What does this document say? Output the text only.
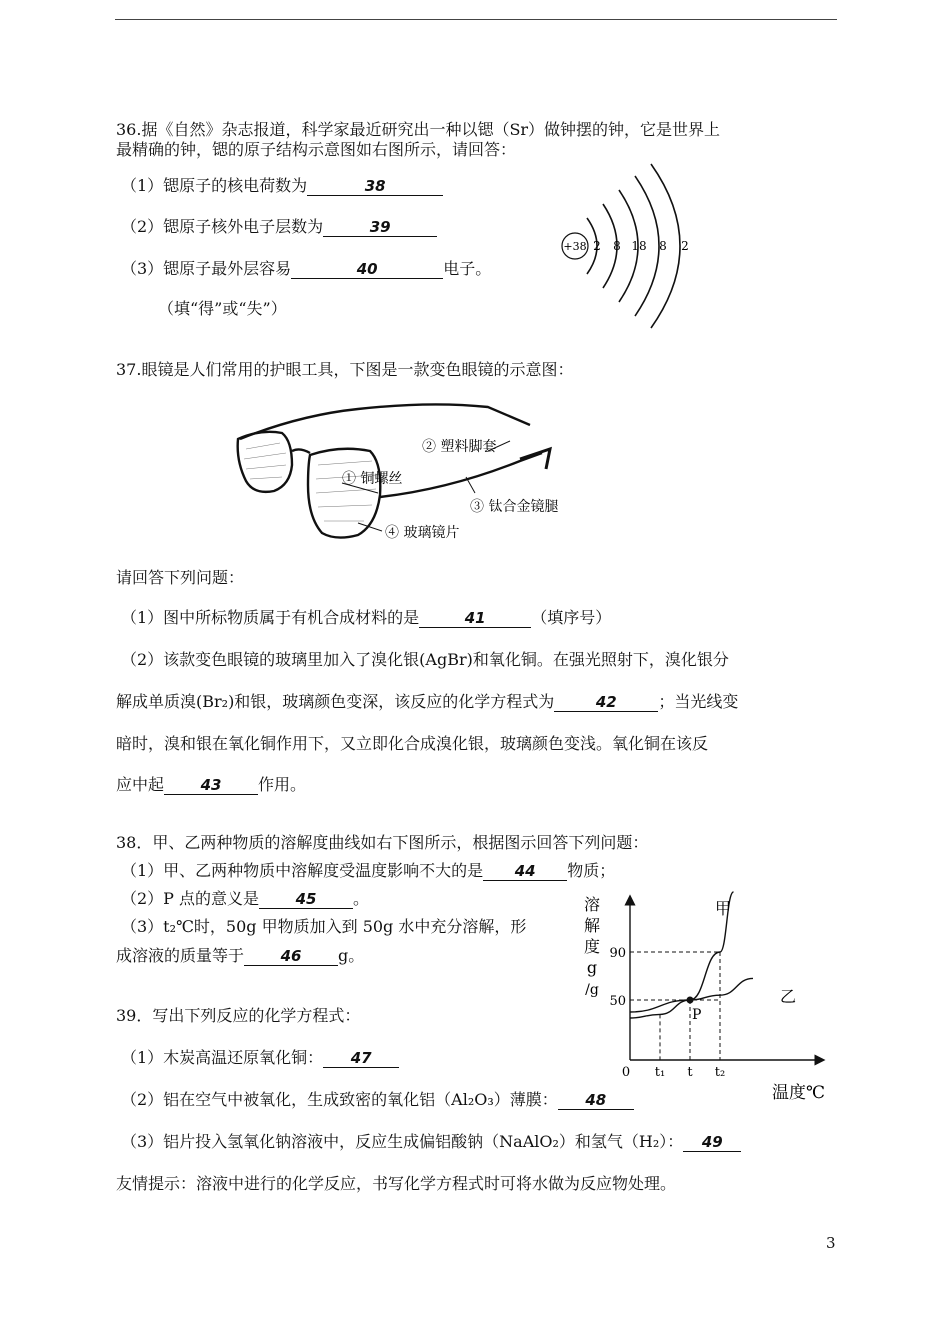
36.据《自然》杂志报道，科学家最近研究出一种以锶（Sr）做钟摆的钟，它是世界上
最精确的钟，锶的原子结构示意图如右图所示，请回答：
（1）锶原子的核电荷数为	38
（2）锶原子核外电子层数为	39
（3）锶原子最外层容易	40	电子。
（填“得”或“失”）
+38 2 8 18 8 2
37.眼镜是人们常用的护眼工具，下图是一款变色眼镜的示意图：
① 铜螺丝
② 塑料脚套
③ 钛合金镜腿
④ 玻璃镜片
请回答下列问题：
（1）图中所标物质属于有机合成材料的是	41	（填序号）
（2）该款变色眼镜的玻璃里加入了溴化银(AgBr)和氧化铜。在强光照射下，溴化银分
解成单质溴(Br₂)和银，玻璃颜色变深，该反应的化学方程式为	42	；当光线变
暗时，溴和银在氧化铜作用下，又立即化合成溴化银，玻璃颜色变浅。氧化铜在该反
应中起 43 作用。
38．甲、乙两种物质的溶解度曲线如右下图所示，根据图示回答下列问题：
（1）甲、乙两种物质中溶解度受温度影响不大的是 44 物质；
（2）P 点的意义是 45 。
（3）t₂℃时，50g 甲物质加入到 50g 水中充分溶解，形
成溶液的质量等于 46 g。
溶
解
度
g
/g
0 t₁ t t₂
50
90
P
甲
乙
温度℃
39．写出下列反应的化学方程式：
（1）木炭高温还原氧化铜： 47
（2）铝在空气中被氧化，生成致密的氧化铝（Al₂O₃）薄膜： 48
（3）铝片投入氢氧化钠溶液中，反应生成偏铝酸钠（NaAlO₂）和氢气（H₂）： 49
友情提示：溶液中进行的化学反应，书写化学方程式时可将水做为反应物处理。
3
